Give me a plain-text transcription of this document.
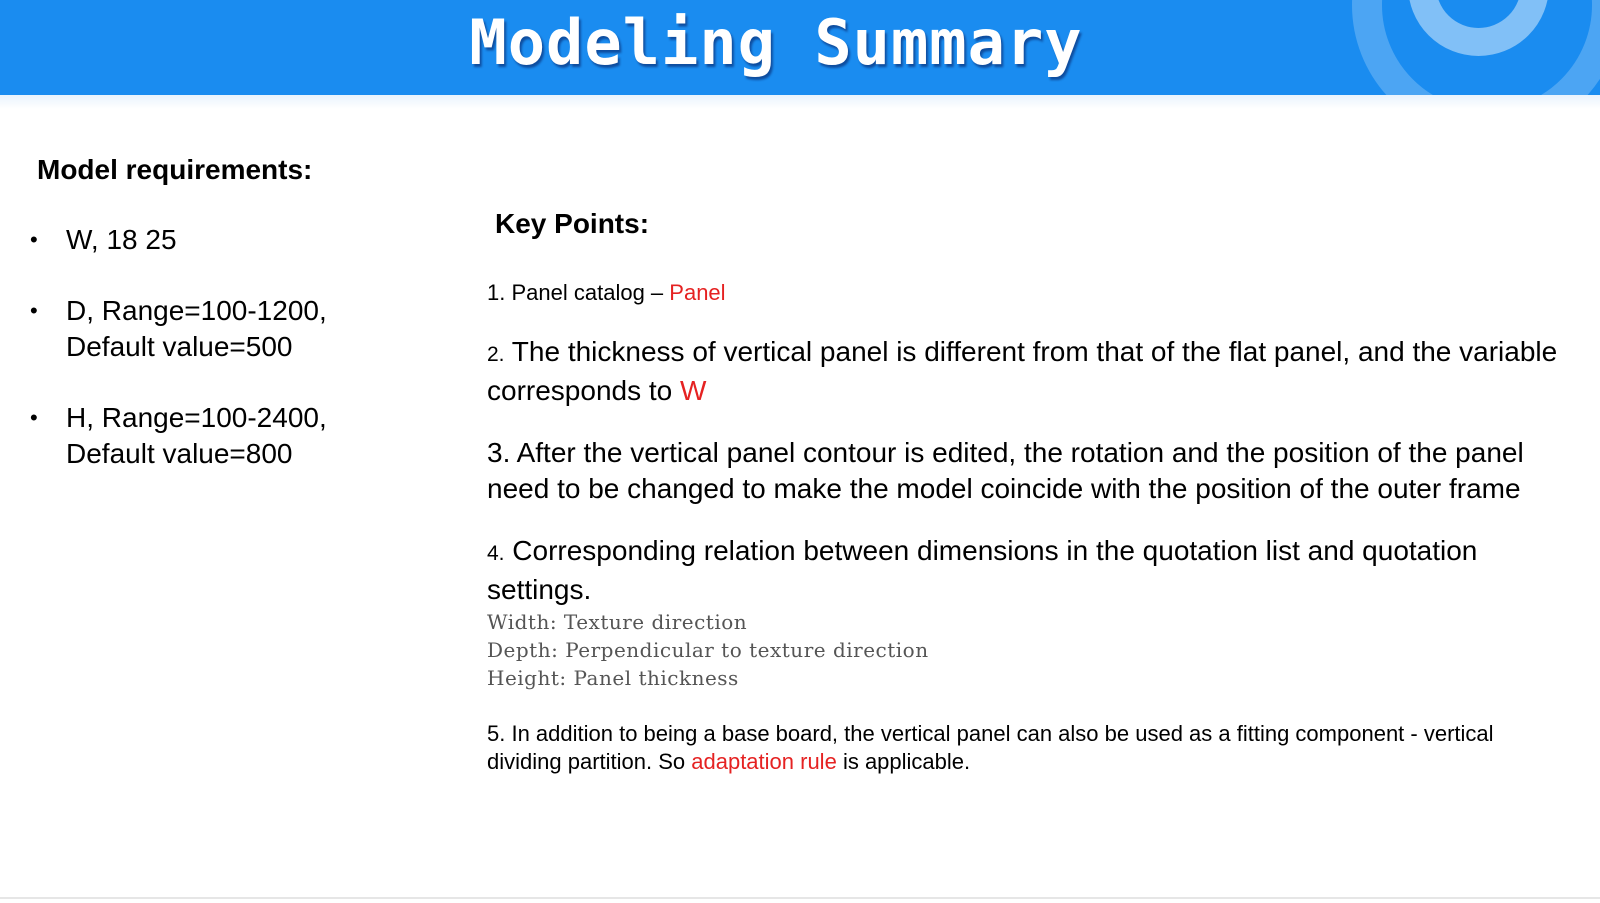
Modeling Summary
Model requirements:
•	W, 18 25
•	D, Range=100-1200,
Default value=500
•	H, Range=100-2400,
Default value=800
Key Points:
1. Panel catalog – Panel
2. The thickness of vertical panel is different from that of the flat panel, and the variable corresponds to W
3. After the vertical panel contour is edited, the rotation and the position of the panel need to be changed to make the model coincide with the position of the outer frame
4. Corresponding relation between dimensions in the quotation list and quotation settings.
Width: Texture direction
Depth: Perpendicular to texture direction
Height: Panel thickness
5. In addition to being a base board, the vertical panel can also be used as a fitting component - vertical dividing partition. So adaptation rule is applicable.
